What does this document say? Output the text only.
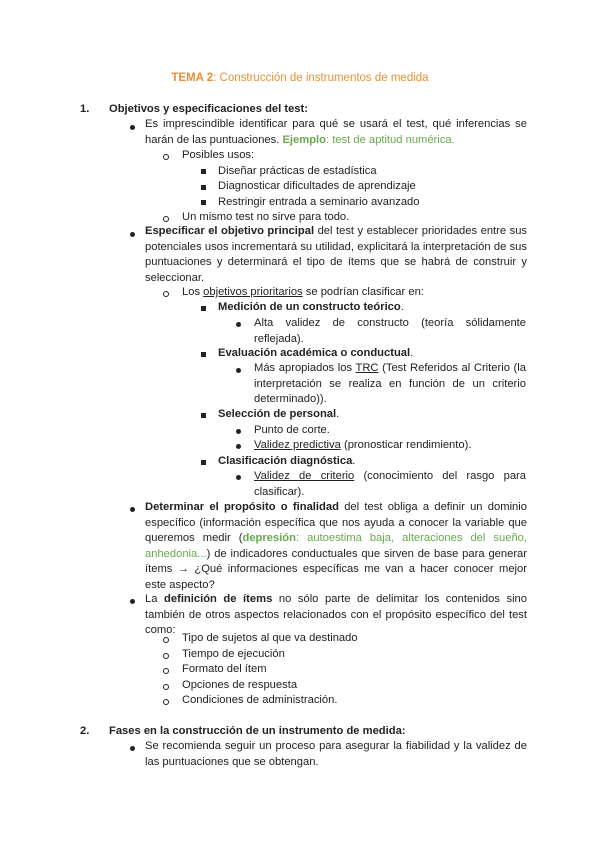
TEMA 2: Construcción de instrumentos de medida
1. Objetivos y especificaciones del test:
Es imprescindible identificar para qué se usará el test, qué inferencias se harán de las puntuaciones. Ejemplo: test de aptitud numérica.
Posibles usos:
Diseñar prácticas de estadística
Diagnosticar dificultades de aprendizaje
Restringir entrada a seminario avanzado
Un mismo test no sirve para todo.
Especificar el objetivo principal del test y establecer prioridades entre sus potenciales usos incrementará su utilidad, explicitará la interpretación de sus puntuaciones y determinará el tipo de ítems que se habrá de construir y seleccionar.
Los objetivos prioritarios se podrían clasificar en:
Medición de un constructo teórico.
Alta validez de constructo (teoría sólidamente reflejada).
Evaluación académica o conductual.
Más apropiados los TRC (Test Referidos al Criterio (la interpretación se realiza en función de un criterio determinado)).
Selección de personal.
Punto de corte.
Validez predictiva (pronosticar rendimiento).
Clasificación diagnóstica.
Validez de criterio (conocimiento del rasgo para clasificar).
Determinar el propósito o finalidad del test obliga a definir un dominio específico (información específica que nos ayuda a conocer la variable que queremos medir (depresión: autoestima baja, alteraciones del sueño, anhedonia...) de indicadores conductuales que sirven de base para generar ítems → ¿Qué informaciones específicas me van a hacer conocer mejor este aspecto?
La definición de ítems no sólo parte de delimitar los contenidos sino también de otros aspectos relacionados con el propósito específico del test como:
Tipo de sujetos al que va destinado
Tiempo de ejecución
Formato del ítem
Opciones de respuesta
Condiciones de administración.
2. Fases en la construcción de un instrumento de medida:
Se recomienda seguir un proceso para asegurar la fiabilidad y la validez de las puntuaciones que se obtengan.
